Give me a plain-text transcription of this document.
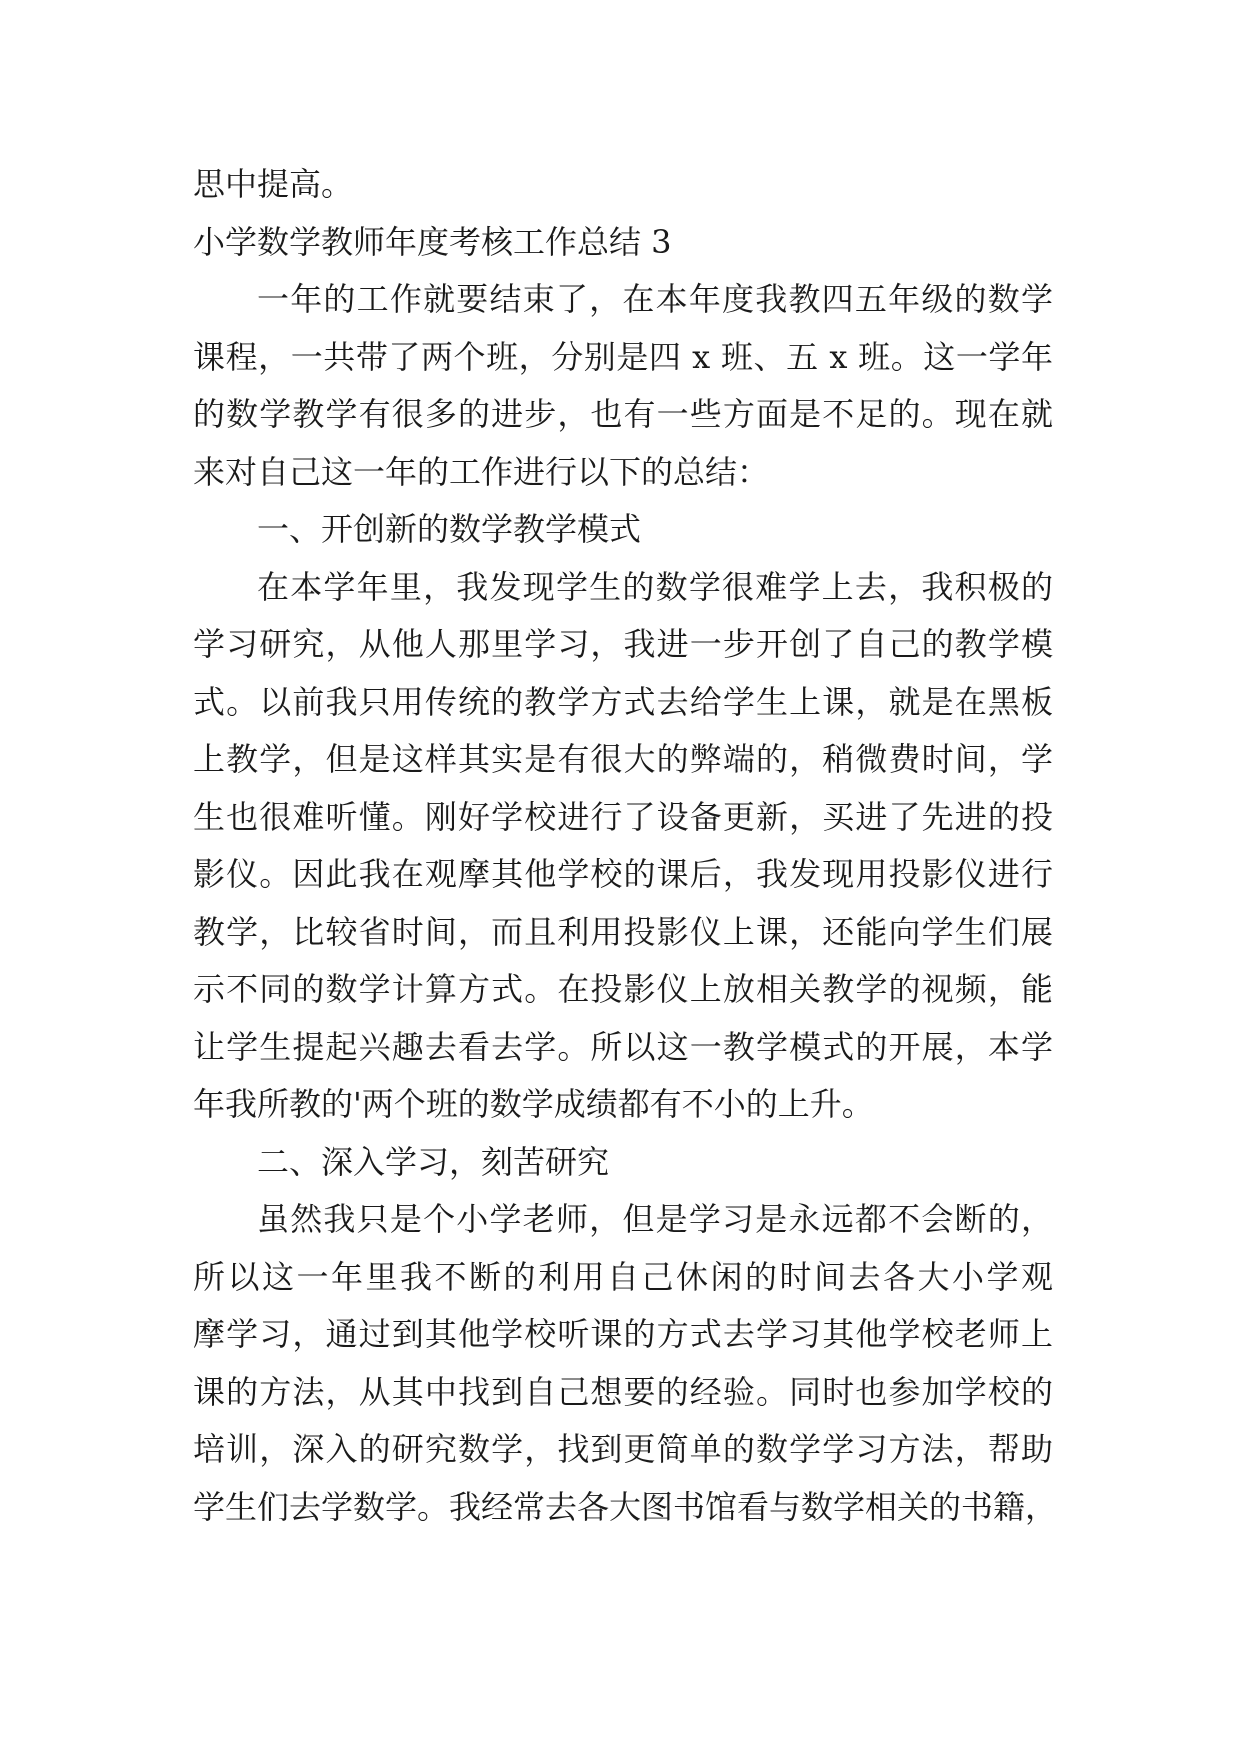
思中提高。
小学数学教师年度考核工作总结 3
一年的工作就要结束了，在本年度我教四五年级的数学
课程，一共带了两个班，分别是四 x 班、五 x 班。这一学年
的数学教学有很多的进步，也有一些方面是不足的。现在就
来对自己这一年的工作进行以下的总结：
一、开创新的数学教学模式
在本学年里，我发现学生的数学很难学上去，我积极的
学习研究，从他人那里学习，我进一步开创了自己的教学模
式。以前我只用传统的教学方式去给学生上课，就是在黑板
上教学，但是这样其实是有很大的弊端的，稍微费时间，学
生也很难听懂。刚好学校进行了设备更新，买进了先进的投
影仪。因此我在观摩其他学校的课后，我发现用投影仪进行
教学，比较省时间，而且利用投影仪上课，还能向学生们展
示不同的数学计算方式。在投影仪上放相关教学的视频，能
让学生提起兴趣去看去学。所以这一教学模式的开展，本学
年我所教的'两个班的数学成绩都有不小的上升。
二、深入学习，刻苦研究
虽然我只是个小学老师，但是学习是永远都不会断的，
所以这一年里我不断的利用自己休闲的时间去各大小学观
摩学习，通过到其他学校听课的方式去学习其他学校老师上
课的方法，从其中找到自己想要的经验。同时也参加学校的
培训，深入的研究数学，找到更简单的数学学习方法，帮助
学生们去学数学。我经常去各大图书馆看与数学相关的书籍，
